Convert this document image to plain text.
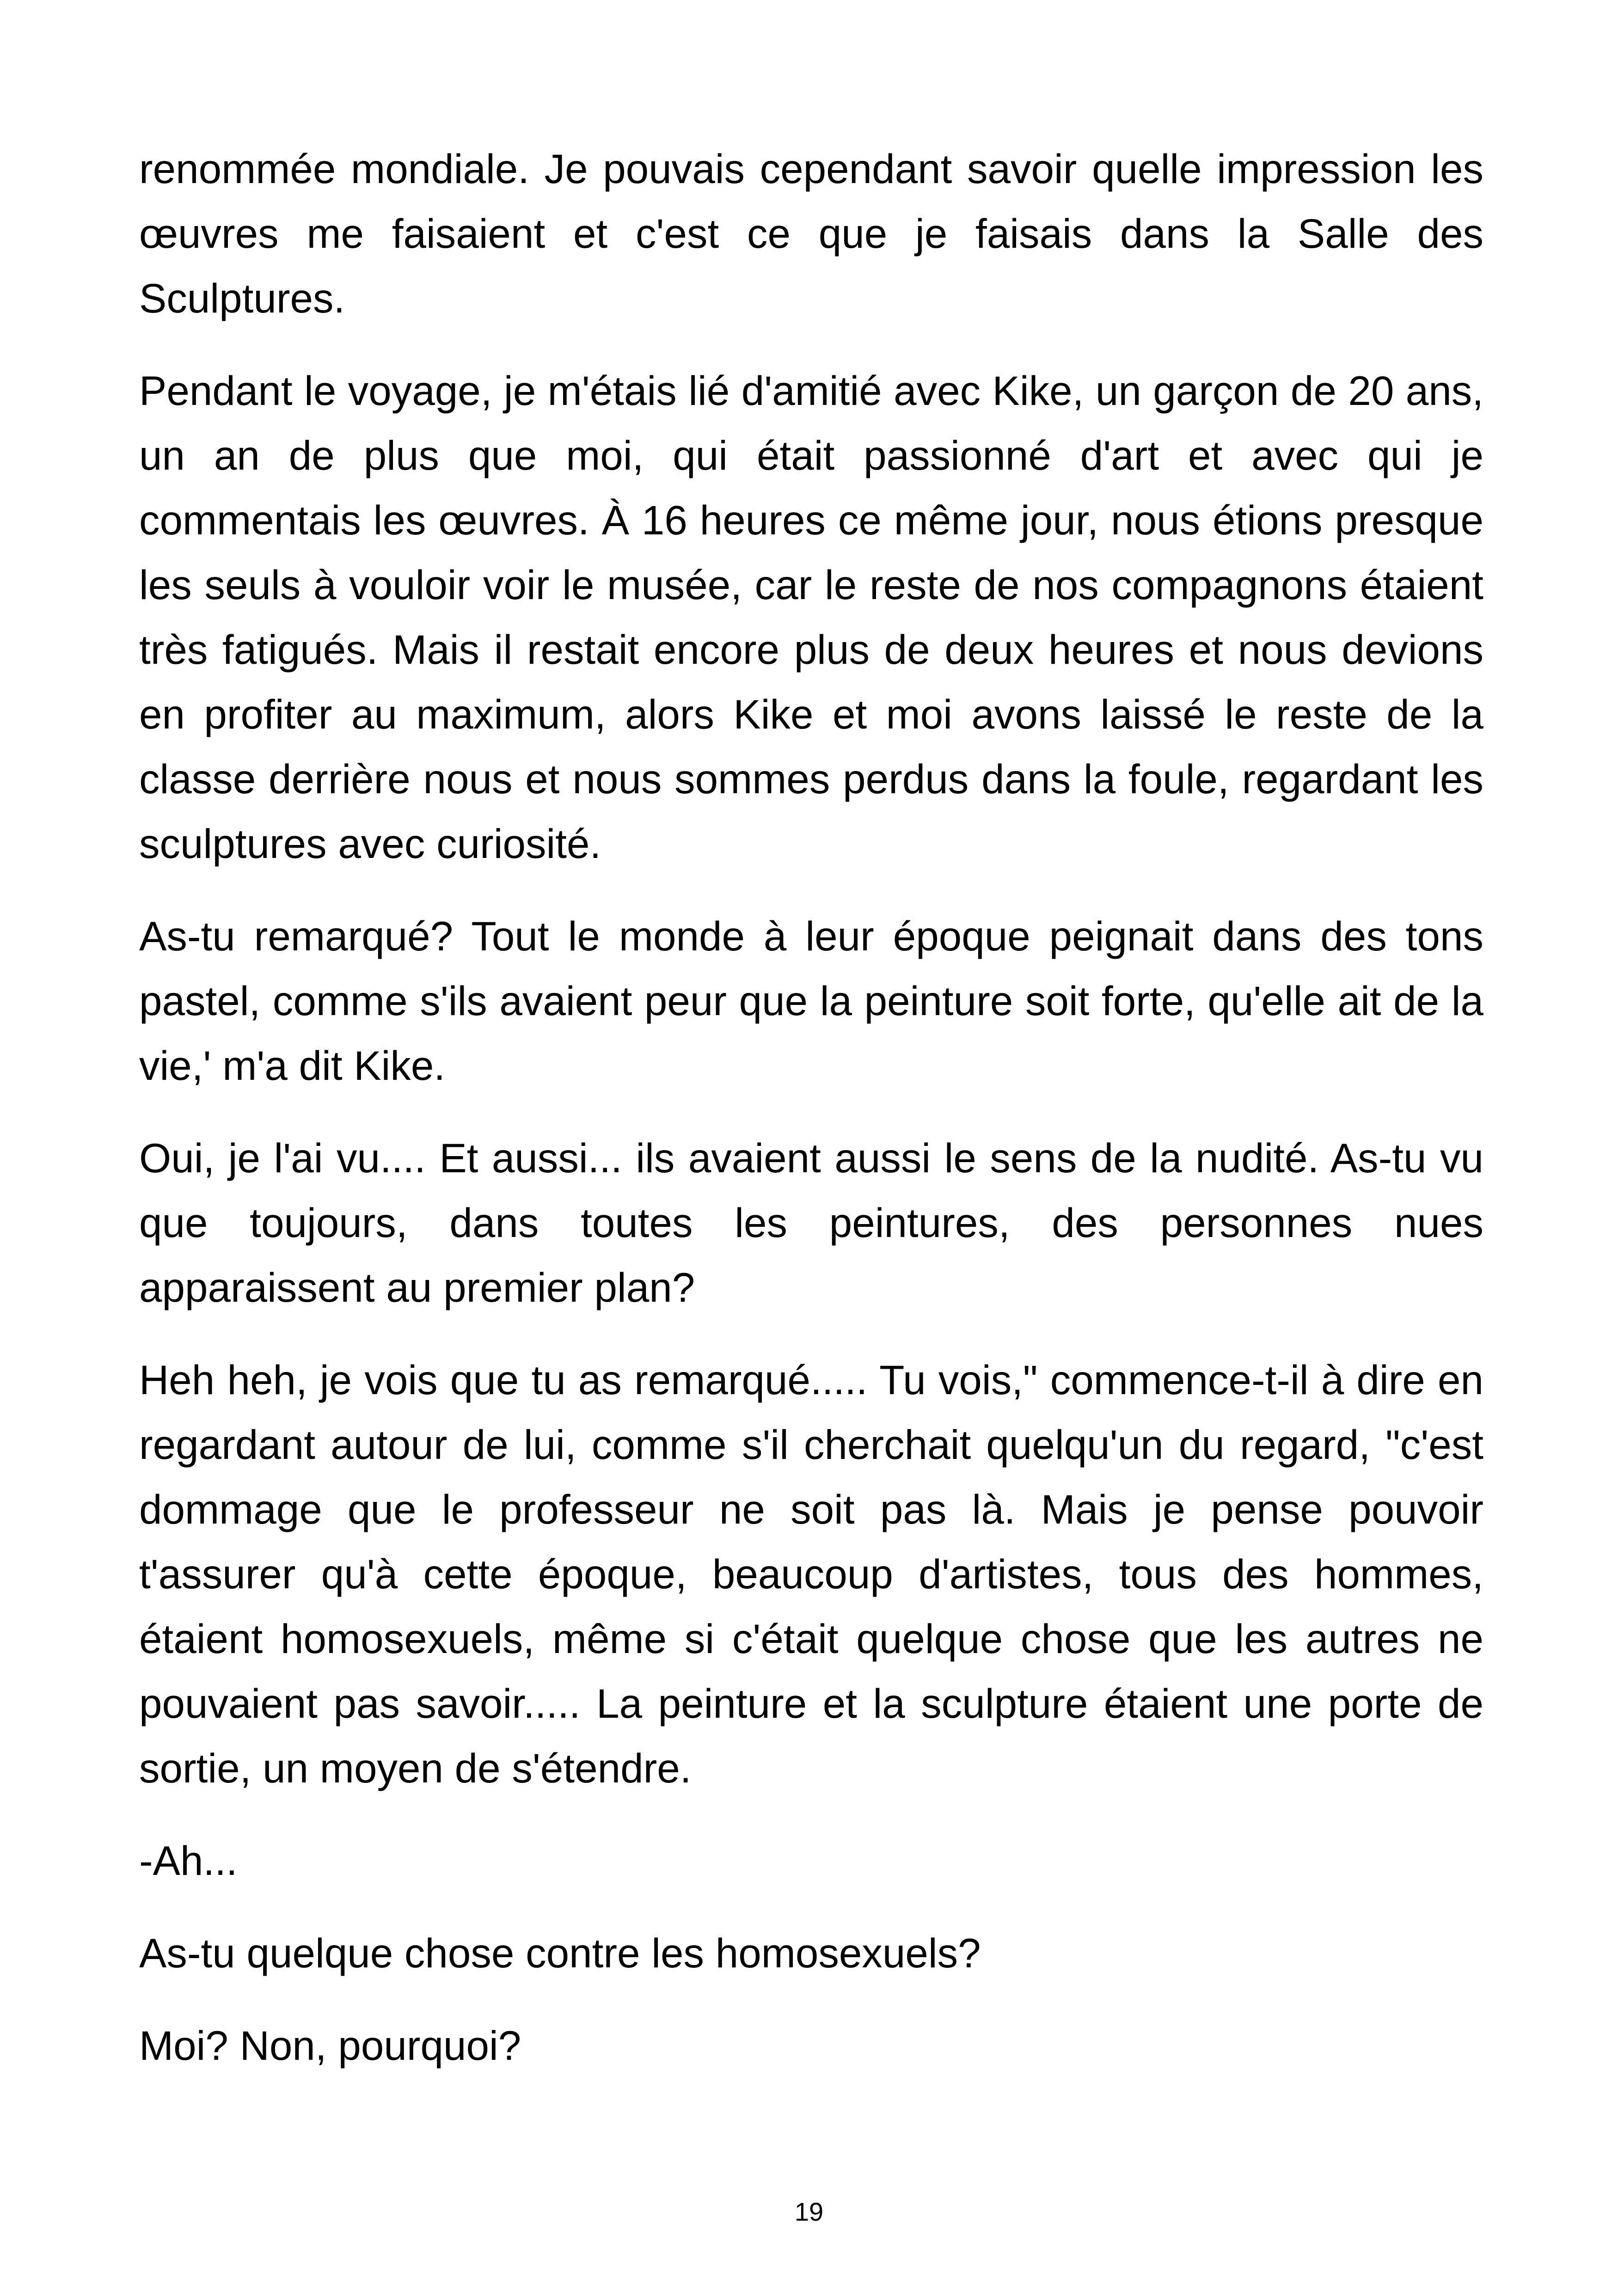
renommée mondiale. Je pouvais cependant savoir quelle impression les œuvres me faisaient et c'est ce que je faisais dans la Salle des Sculptures.

Pendant le voyage, je m'étais lié d'amitié avec Kike, un garçon de 20 ans, un an de plus que moi, qui était passionné d'art et avec qui je commentais les œuvres. À 16 heures ce même jour, nous étions presque les seuls à vouloir voir le musée, car le reste de nos compagnons étaient très fatigués. Mais il restait encore plus de deux heures et nous devions en profiter au maximum, alors Kike et moi avons laissé le reste de la classe derrière nous et nous sommes perdus dans la foule, regardant les sculptures avec curiosité.

As-tu remarqué? Tout le monde à leur époque peignait dans des tons pastel, comme s'ils avaient peur que la peinture soit forte, qu'elle ait de la vie,' m'a dit Kike.

Oui, je l'ai vu.... Et aussi... ils avaient aussi le sens de la nudité. As-tu vu que toujours, dans toutes les peintures, des personnes nues apparaissent au premier plan?

Heh heh, je vois que tu as remarqué..... Tu vois," commence-t-il à dire en regardant autour de lui, comme s'il cherchait quelqu'un du regard, "c'est dommage que le professeur ne soit pas là. Mais je pense pouvoir t'assurer qu'à cette époque, beaucoup d'artistes, tous des hommes, étaient homosexuels, même si c'était quelque chose que les autres ne pouvaient pas savoir..... La peinture et la sculpture étaient une porte de sortie, un moyen de s'étendre.

-Ah...

As-tu quelque chose contre les homosexuels?

Moi? Non, pourquoi?

19
